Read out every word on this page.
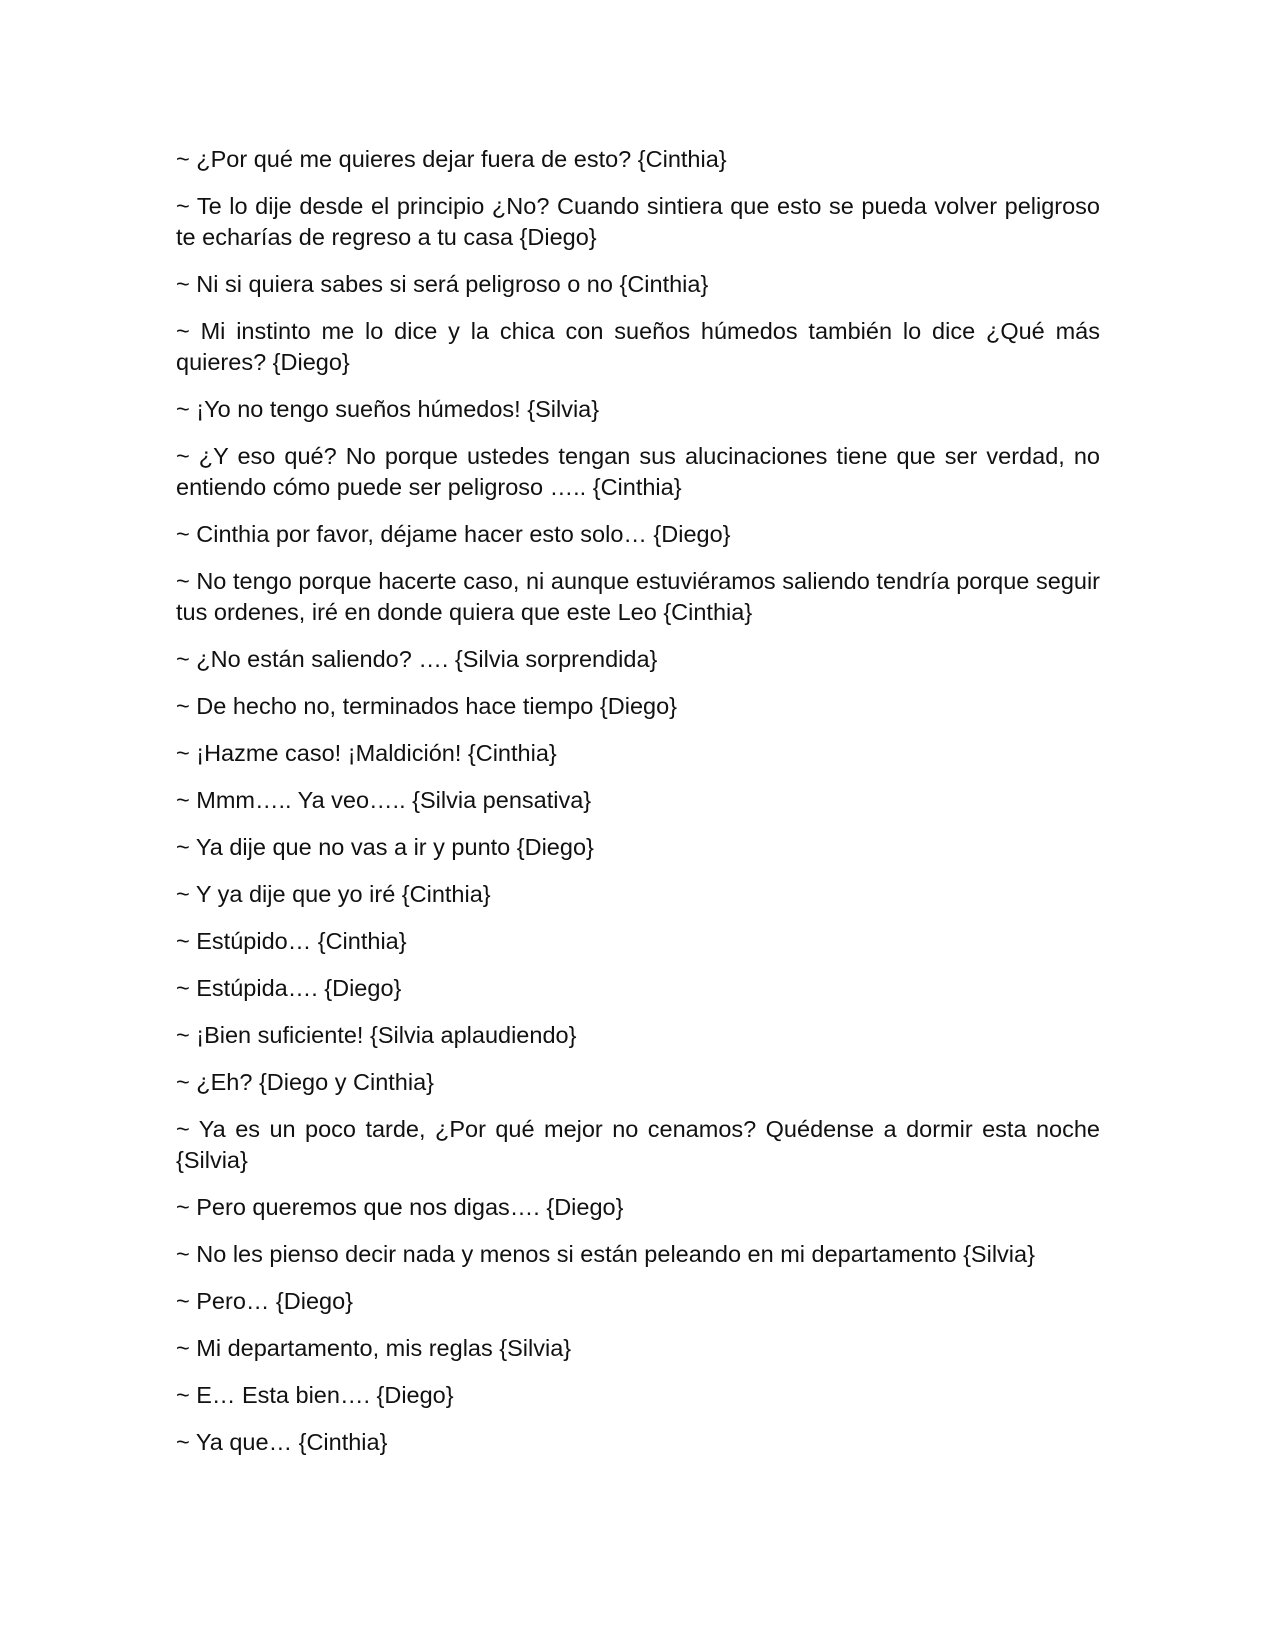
~ ¿Por qué me quieres dejar fuera de esto? {Cinthia}

~ Te lo dije desde el principio ¿No? Cuando sintiera que esto se pueda volver peligroso te echarías de regreso a tu casa {Diego}

~ Ni si quiera sabes si será peligroso o no {Cinthia}

~ Mi instinto me lo dice y la chica con sueños húmedos también lo dice ¿Qué más quieres? {Diego}

~ ¡Yo no tengo sueños húmedos! {Silvia}

~ ¿Y eso qué? No porque ustedes tengan sus alucinaciones tiene que ser verdad, no entiendo cómo puede ser peligroso ….. {Cinthia}

~ Cinthia por favor, déjame hacer esto solo… {Diego}

~ No tengo porque hacerte caso, ni aunque estuviéramos saliendo tendría porque seguir tus ordenes, iré en donde quiera que este Leo {Cinthia}

~ ¿No están saliendo? …. {Silvia sorprendida}

~ De hecho no, terminados hace tiempo {Diego}

~ ¡Hazme caso! ¡Maldición! {Cinthia}

~ Mmm….. Ya veo….. {Silvia pensativa}

~ Ya dije que no vas a ir y punto {Diego}

~ Y ya dije que yo iré {Cinthia}

~ Estúpido… {Cinthia}

~ Estúpida…. {Diego}

~ ¡Bien suficiente! {Silvia aplaudiendo}

~ ¿Eh? {Diego y Cinthia}

~ Ya es un poco tarde, ¿Por qué mejor no cenamos? Quédense a dormir esta noche {Silvia}

~ Pero queremos que nos digas…. {Diego}

~ No les pienso decir nada y menos si están peleando en mi departamento {Silvia}

~ Pero… {Diego}

~ Mi departamento, mis reglas {Silvia}

~ E… Esta bien…. {Diego}

~ Ya que… {Cinthia}
